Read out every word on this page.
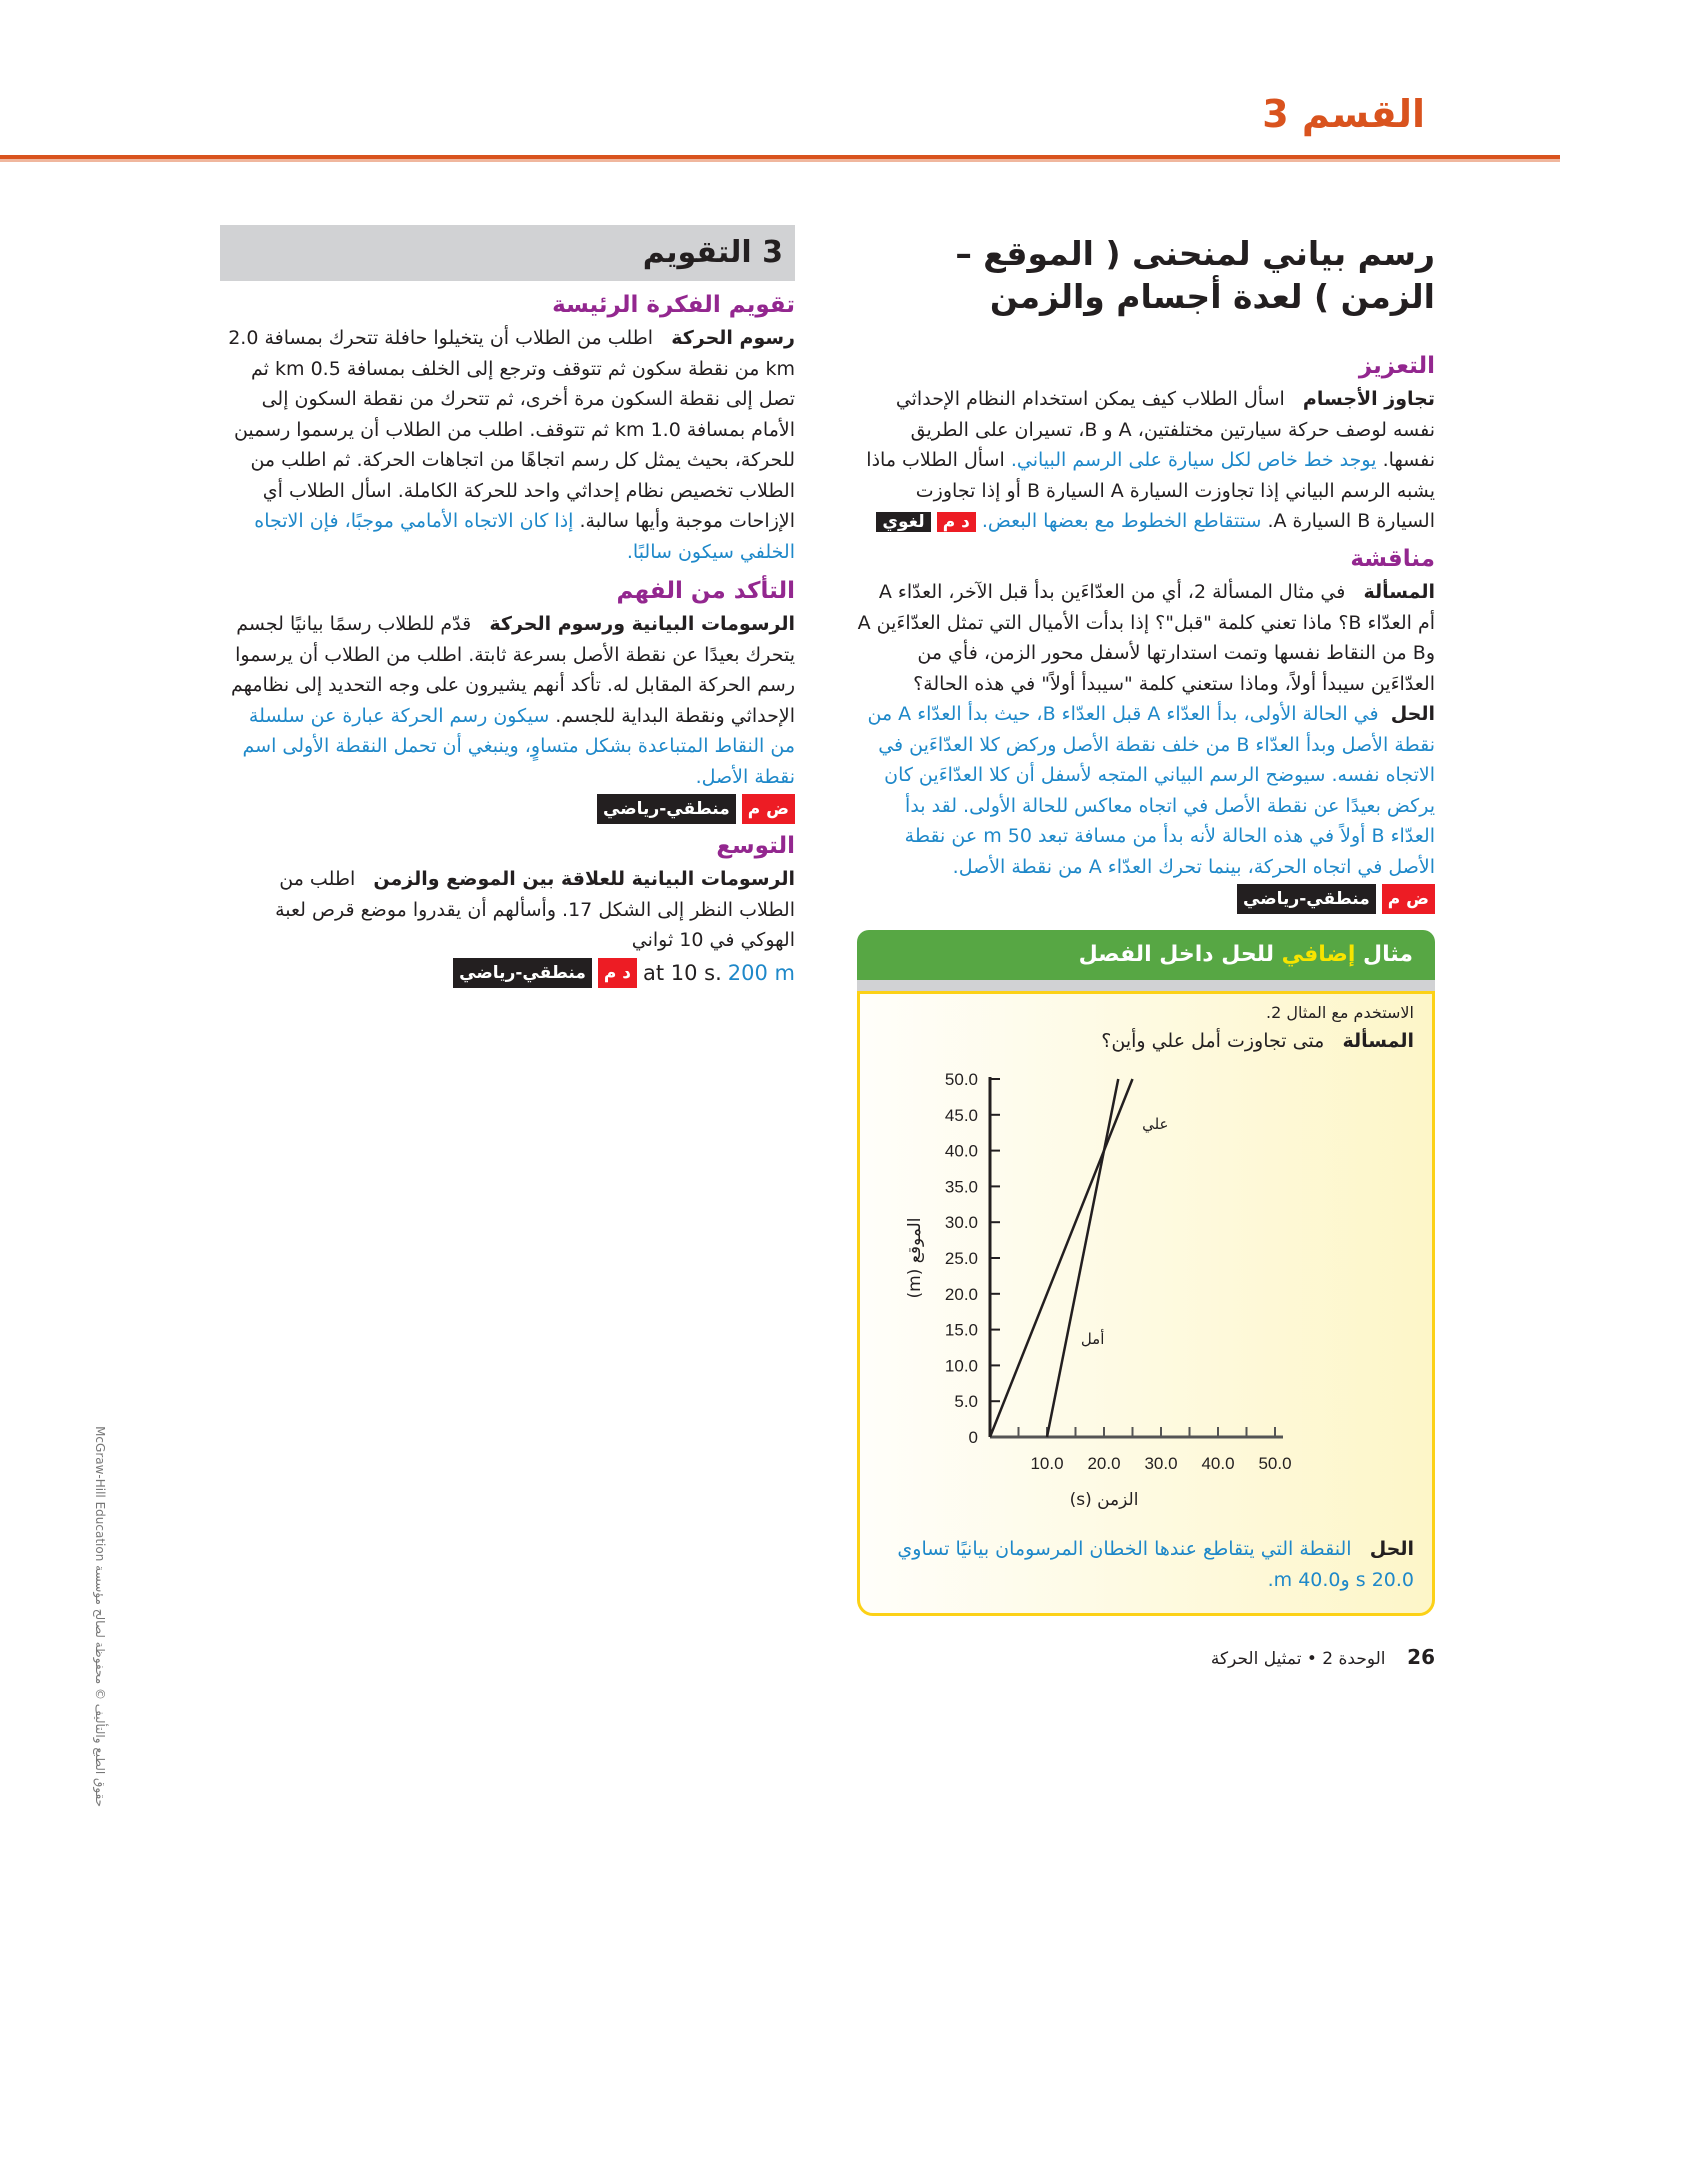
القسم 3
رسم بياني لمنحنى ( الموقع – الزمن ) لعدة أجسام والزمن
التعزيز
تجاوز الأجسام   اسأل الطلاب كيف يمكن استخدام النظام الإحداثي نفسه لوصف حركة سيارتين مختلفتين، A و B، تسيران على الطريق نفسها. يوجد خط خاص لكل سيارة على الرسم البياني. اسأل الطلاب ماذا يشبه الرسم البياني إذا تجاوزت السيارة A السيارة B أو إذا تجاوزت السيارة B السيارة A. ستتقاطع الخطوط مع بعضها البعض. د م لغوي
مناقشة
المسألة   في مثال المسألة 2، أي من العدّاءَين بدأ قبل الآخر، العدّاء A أم العدّاء B؟ ماذا تعني كلمة "قبل"؟ إذا بدأت الأميال التي تمثل العدّاءَين A وB من النقاط نفسها وتمت استدارتها لأسفل محور الزمن، فأي من العدّاءَين سيبدأ أولاً، وماذا ستعني كلمة "سيبدأ أولاً" في هذه الحالة؟
الحل  في الحالة الأولى، بدأ العدّاء A قبل العدّاء B، حيث بدأ العدّاء A من نقطة الأصل وبدأ العدّاء B من خلف نقطة الأصل وركض كلا العدّاءَين في الاتجاه نفسه. سيوضح الرسم البياني المتجه لأسفل أن كلا العدّاءَين كان يركض بعيدًا عن نقطة الأصل في اتجاه معاكس للحالة الأولى. لقد بدأ العدّاء B أولاً في هذه الحالة لأنه بدأ من مسافة تبعد 50 m عن نقطة الأصل في اتجاه الحركة، بينما تحرك العدّاء A من نقطة الأصل.
ض م
منطقي-رياضي
مثال إضافي للحل داخل الفصل
الاستخدم مع المثال 2.
المسألة   متى تجاوزت أمل علي وأين؟
0
5.0
10.0
15.0
20.0
25.0
30.0
35.0
40.0
45.0
50.0
10.0 20.0 30.0 40.0 50.0
الزمن (s)
الموقع (m)
علي
أمل
الحل   النقطة التي يتقاطع عندها الخطان المرسومان بيانيًا تساوي 20.0 s و40.0 m.
26    الوحدة 2 • تمثيل الحركة
3 التقويم
تقويم الفكرة الرئيسة
رسوم الحركة   اطلب من الطلاب أن يتخيلوا حافلة تتحرك بمسافة 2.0 km من نقطة سكون ثم تتوقف وترجع إلى الخلف بمسافة 0.5 km ثم تصل إلى نقطة السكون مرة أخرى، ثم تتحرك من نقطة السكون إلى الأمام بمسافة 1.0 km ثم تتوقف. اطلب من الطلاب أن يرسموا رسمين للحركة، بحيث يمثل كل رسم اتجاهًا من اتجاهات الحركة. ثم اطلب من الطلاب تخصيص نظام إحداثي واحد للحركة الكاملة. اسأل الطلاب أي الإزاحات موجبة وأيها سالبة. إذا كان الاتجاه الأمامي موجبًا، فإن الاتجاه الخلفي سيكون سالبًا.
التأكد من الفهم
الرسومات البيانية ورسوم الحركة   قدّم للطلاب رسمًا بيانيًا لجسم يتحرك بعيدًا عن نقطة الأصل بسرعة ثابتة. اطلب من الطلاب أن يرسموا رسم الحركة المقابل له. تأكد أنهم يشيرون على وجه التحديد إلى نظامهم الإحداثي ونقطة البداية للجسم. سيكون رسم الحركة عبارة عن سلسلة من النقاط المتباعدة بشكل متساوٍ، وينبغي أن تحمل النقطة الأولى اسم نقطة الأصل.
ض م
منطقي-رياضي
التوسع
الرسومات البيانية للعلاقة بين الموضع والزمن   اطلب من الطلاب النظر إلى الشكل 17. وأسألهم أن يقدروا موضع قرص لعبة الهوكي في 10 ثواني
200 m
at 10 s.
د م
منطقي-رياضي
حقوق الطبع والتأليف © محفوظة لصالح مؤسسة McGraw-Hill Education
